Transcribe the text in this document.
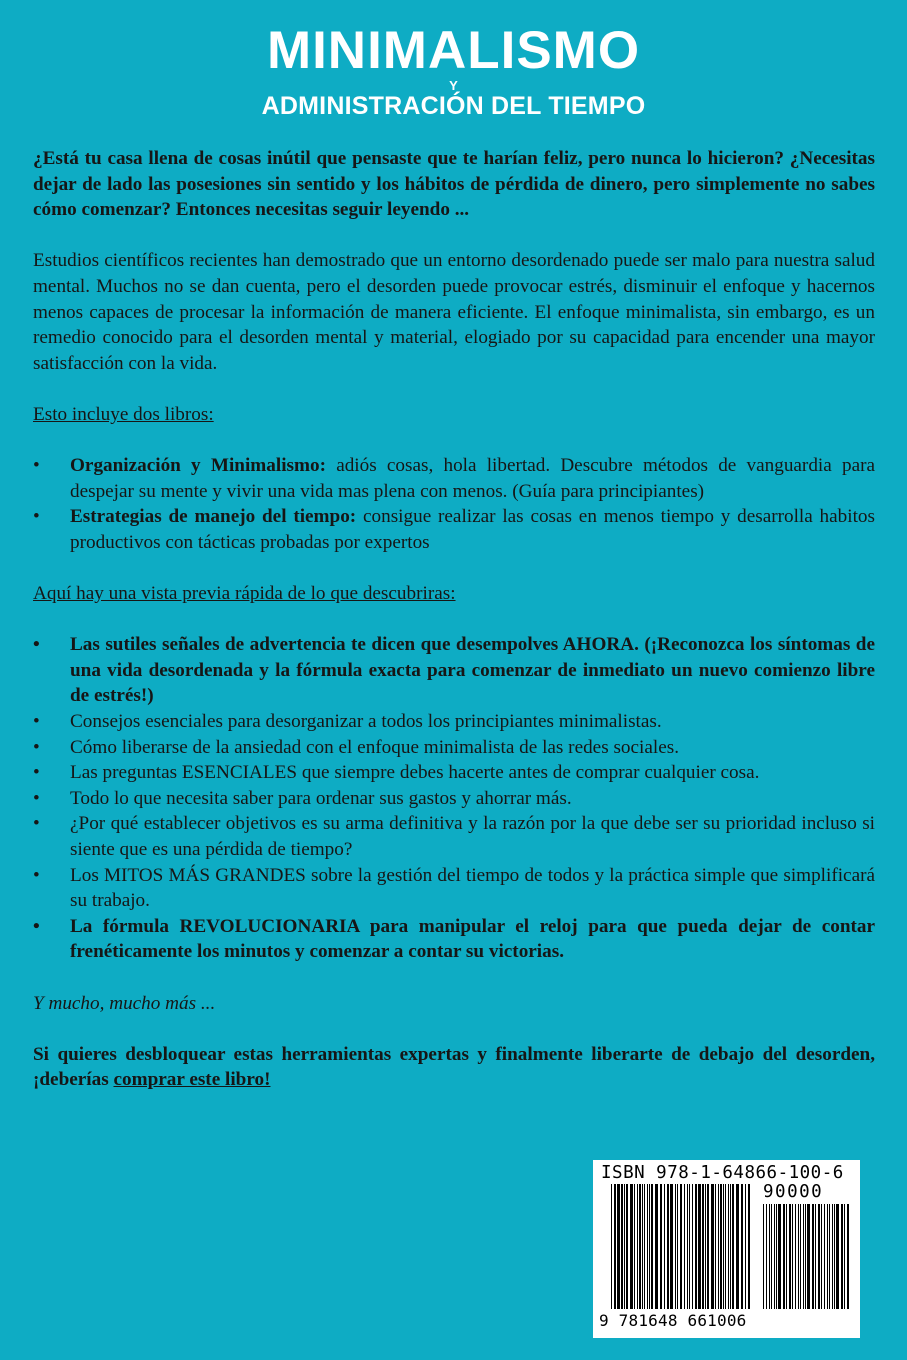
MINIMALISMO
Y
ADMINISTRACIÓN DEL TIEMPO

¿Está tu casa llena de cosas inútil que pensaste que te harían feliz, pero nunca lo hicieron? ¿Necesitas dejar de lado las posesiones sin sentido y los hábitos de pérdida de dinero, pero simplemente no sabes cómo comenzar? Entonces necesitas seguir leyendo ...

Estudios científicos recientes han demostrado que un entorno desordenado puede ser malo para nuestra salud mental. Muchos no se dan cuenta, pero el desorden puede provocar estrés, disminuir el enfoque y hacernos menos capaces de procesar la información de manera eficiente. El enfoque minimalista, sin embargo, es un remedio conocido para el desorden mental y material, elogiado por su capacidad para encender una mayor satisfacción con la vida.

Esto incluye dos libros:

• Organización y Minimalismo: adiós cosas, hola libertad. Descubre métodos de vanguardia para despejar su mente y vivir una vida mas plena con menos. (Guía para principiantes)
• Estrategias de manejo del tiempo: consigue realizar las cosas en menos tiempo y desarrolla habitos productivos con tácticas probadas por expertos

Aquí hay una vista previa rápida de lo que descubriras:

• Las sutiles señales de advertencia te dicen que desempolves AHORA. (¡Reconozca los síntomas de una vida desordenada y la fórmula exacta para comenzar de inmediato un nuevo comienzo libre de estrés!)
• Consejos esenciales para desorganizar a todos los principiantes minimalistas.
• Cómo liberarse de la ansiedad con el enfoque minimalista de las redes sociales.
• Las preguntas ESENCIALES que siempre debes hacerte antes de comprar cualquier cosa.
• Todo lo que necesita saber para ordenar sus gastos y ahorrar más.
• ¿Por qué establecer objetivos es su arma definitiva y la razón por la que debe ser su prioridad incluso si siente que es una pérdida de tiempo?
• Los MITOS MÁS GRANDES sobre la gestión del tiempo de todos y la práctica simple que simplificará su trabajo.
• La fórmula REVOLUCIONARIA para manipular el reloj para que pueda dejar de contar frenéticamente los minutos y comenzar a contar su victorias.

Y mucho, mucho más ...

Si quieres desbloquear estas herramientas expertas y finalmente liberarte de debajo del desorden, ¡deberías comprar este libro!

ISBN 978-1-64866-100-6
90000
9 781648 661006
